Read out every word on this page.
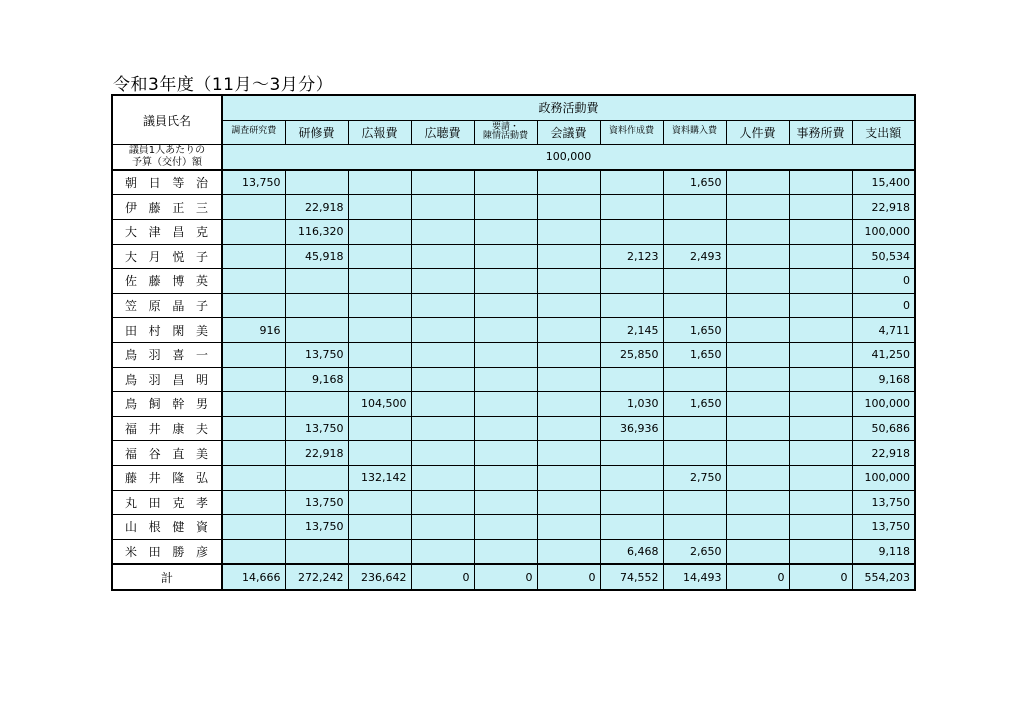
令和3年度（11月～3月分）
議員氏名	政務活動費										
	調査研究費	研修費	広報費	広聴費	要請・
陳情活動費	会議費	資料作成費	資料購入費	人件費	事務所費	支出額

議員1人あたりの
予算（交付）額	100,000										

朝 日 等 治	13,750							1,650			15,400

伊 藤 正 三		22,918									22,918

大 津 昌 克		116,320									100,000

大 月 悦 子		45,918					2,123	2,493			50,534

佐 藤 博 英											0

笠 原 晶 子											0

田 村 閑 美	916						2,145	1,650			4,711

鳥 羽 喜 一		13,750					25,850	1,650			41,250

鳥 羽 昌 明		9,168									9,168

鳥 飼 幹 男			104,500				1,030	1,650			100,000

福 井 康 夫		13,750					36,936				50,686

福 谷 直 美		22,918									22,918

藤 井 隆 弘			132,142					2,750			100,000

丸 田 克 孝		13,750									13,750

山 根 健 資		13,750									13,750

米 田 勝 彦							6,468	2,650			9,118
計	14,666	272,242	236,642	0	0	0	74,552	14,493	0	0	554,203
